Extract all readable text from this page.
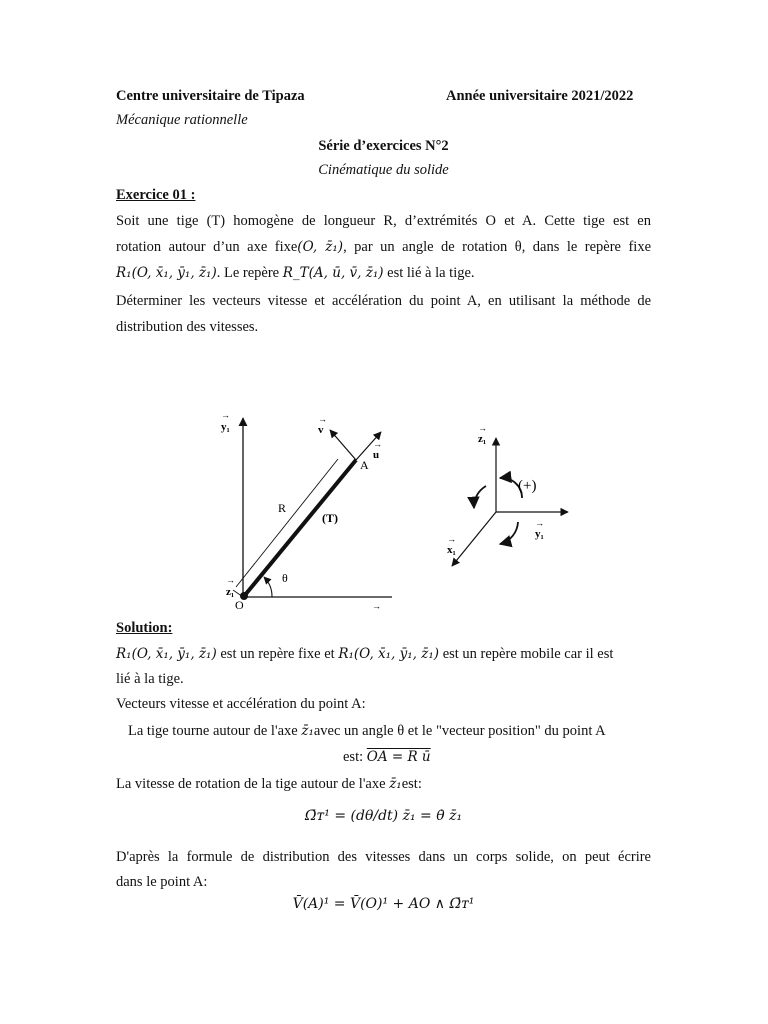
Centre universitaire de Tipaza	Année universitaire 2021/2022
Mécanique rationnelle
Série d’exercices N°2
Cinématique du solide
Exercice 01 :
Soit une tige (T) homogène de longueur R, d’extrémités O et A. Cette tige est en
rotation autour d’un axe fixe(O, z̄₁), par un angle de rotation θ, dans le repère fixe
R₁(O, x̄₁, ȳ₁, z̄₁). Le repère R_T(A, ū, v̄, z̄₁) est lié à la tige.
Déterminer les vecteurs vitesse et accélération du point A, en utilisant la méthode de
distribution des vitesses.
y₁
→
v
→
u
→
A
R
(T)
θ
z₁
→
O	→
z₁
→
(+)
y₁
→
x₁
→
Solution:
R₁(O, x̄₁, ȳ₁, z̄₁) est un repère fixe et R₁(O, x̄₁, ȳ₁, z̄₁) est un repère mobile car il est
lié à la tige.
Vecteurs vitesse et accélération du point A:
La tige tourne autour de l'axe z̄₁avec un angle θ et le "vecteur position" du point A
est: OA = R ū
La vitesse de rotation de la tige autour de l'axe z̄₁est:
Ω̄ᴛ¹ = (dθ/dt) z̄₁ = θ̇ z̄₁
D'après la formule de distribution des vitesses dans un corps solide, on peut écrire
dans le point A:
V̄(A)¹ = V̄(O)¹ + AO ∧ Ω̄ᴛ¹
